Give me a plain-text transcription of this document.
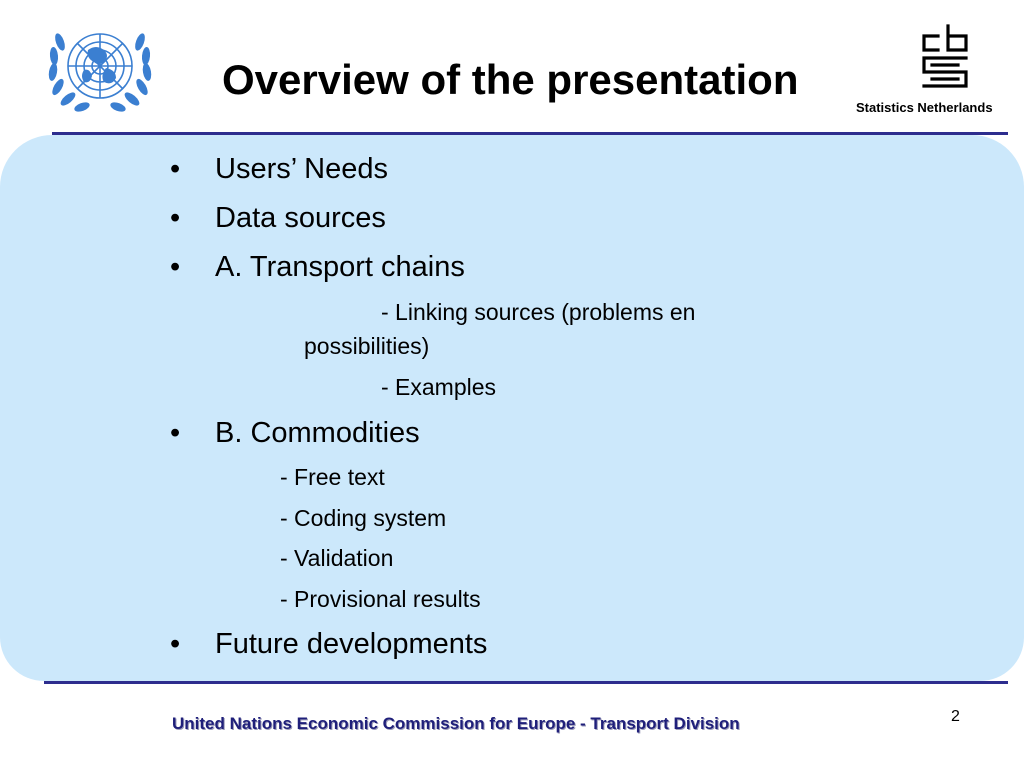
Overview of the presentation
Statistics Netherlands
• Users’ Needs
• Data sources
• A. Transport chains
- Linking sources (problems en
possibilities)
- Examples
• B. Commodities
- Free text
- Coding system
- Validation
- Provisional results
• Future developments
United Nations Economic Commission for Europe - Transport Division	2
